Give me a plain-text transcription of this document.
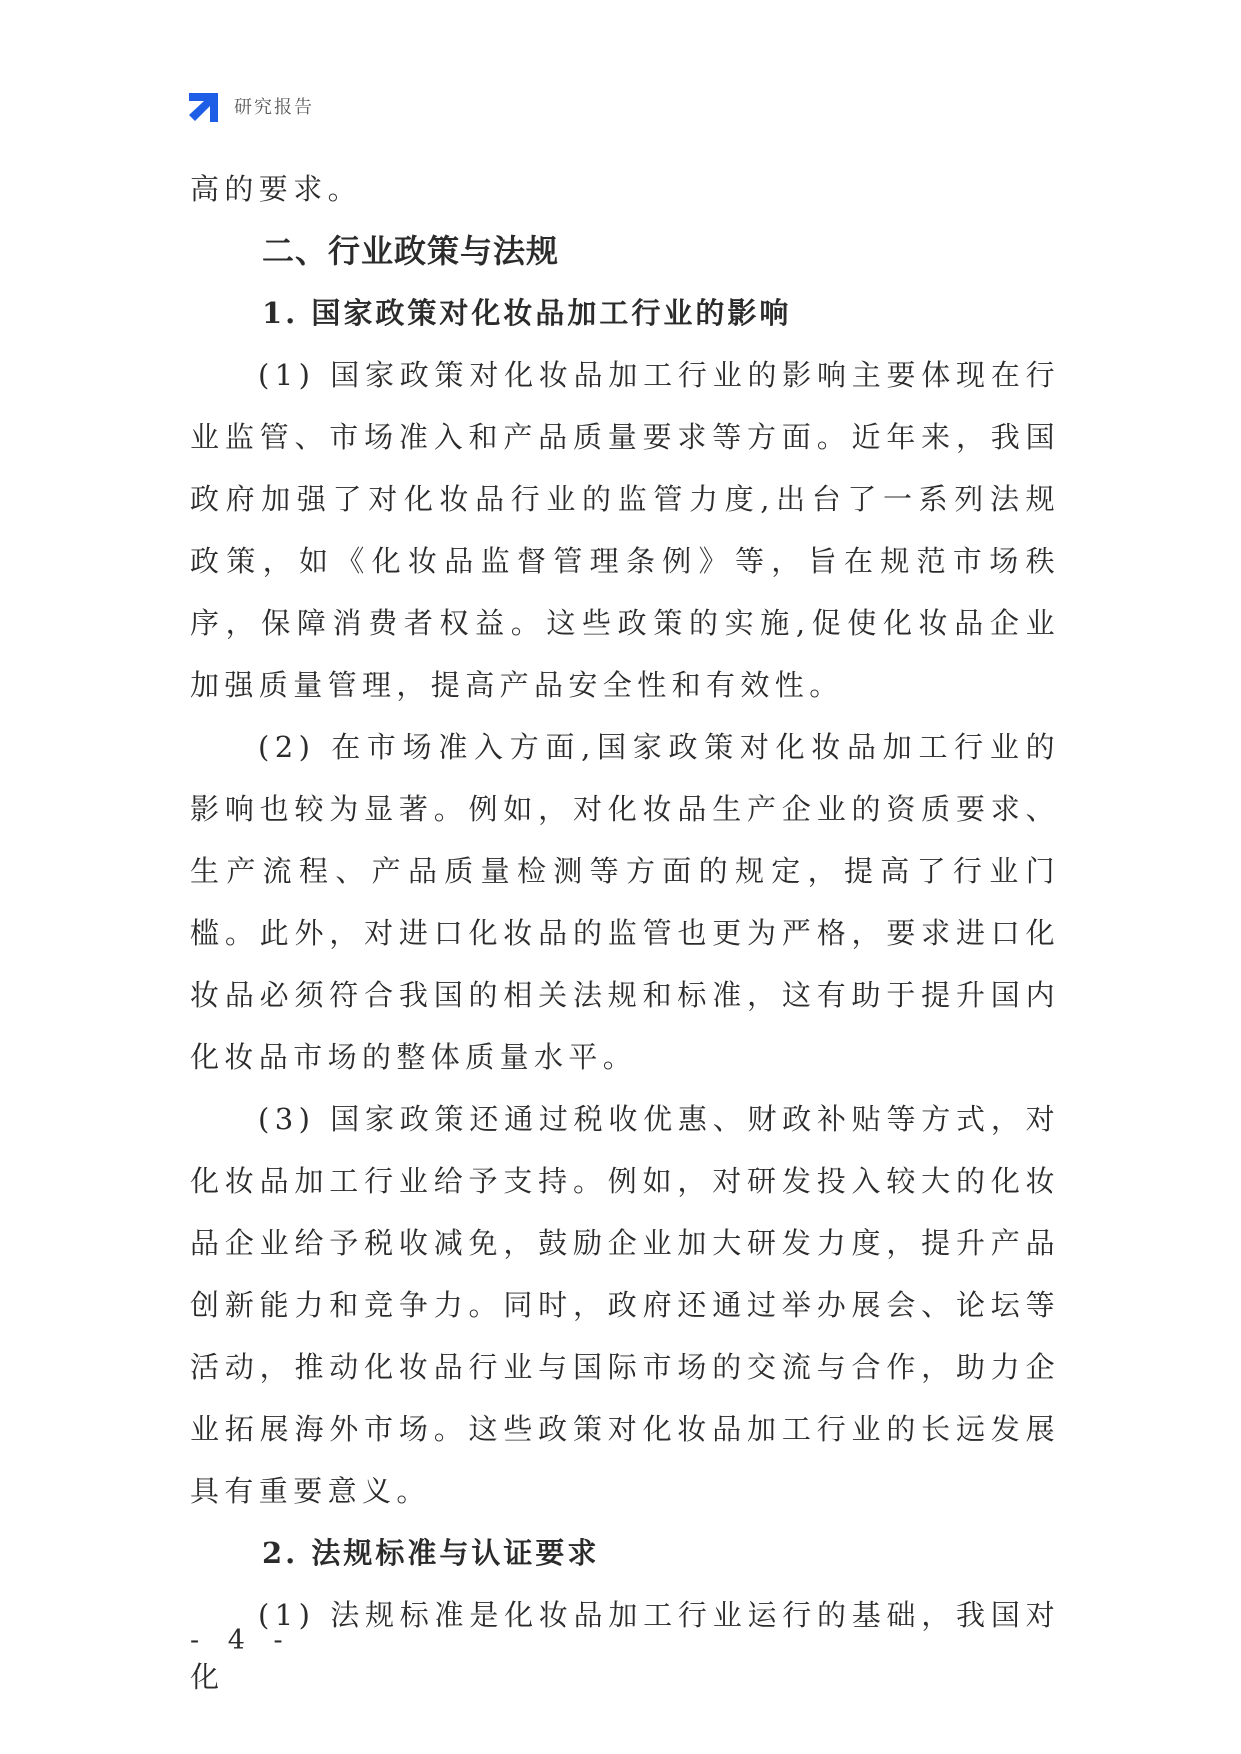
研究报告

高的要求。

二、行业政策与法规
1. 国家政策对化妆品加工行业的影响

(1) 国家政策对化妆品加工行业的影响主要体现在行业监管、市场准入和产品质量要求等方面。近年来，我国政府加强了对化妆品行业的监管力度,出台了一系列法规政策，如《化妆品监督管理条例》等，旨在规范市场秩序，保障消费者权益。这些政策的实施,促使化妆品企业加强质量管理，提高产品安全性和有效性。

(2) 在市场准入方面,国家政策对化妆品加工行业的影响也较为显著。例如，对化妆品生产企业的资质要求、生产流程、产品质量检测等方面的规定，提高了行业门槛。此外，对进口化妆品的监管也更为严格，要求进口化妆品必须符合我国的相关法规和标准，这有助于提升国内化妆品市场的整体质量水平。

(3) 国家政策还通过税收优惠、财政补贴等方式，对化妆品加工行业给予支持。例如，对研发投入较大的化妆品企业给予税收减免，鼓励企业加大研发力度，提升产品创新能力和竞争力。同时，政府还通过举办展会、论坛等活动，推动化妆品行业与国际市场的交流与合作，助力企业拓展海外市场。这些政策对化妆品加工行业的长远发展具有重要意义。

2. 法规标准与认证要求

(1) 法规标准是化妆品加工行业运行的基础，我国对化

- 4 -
